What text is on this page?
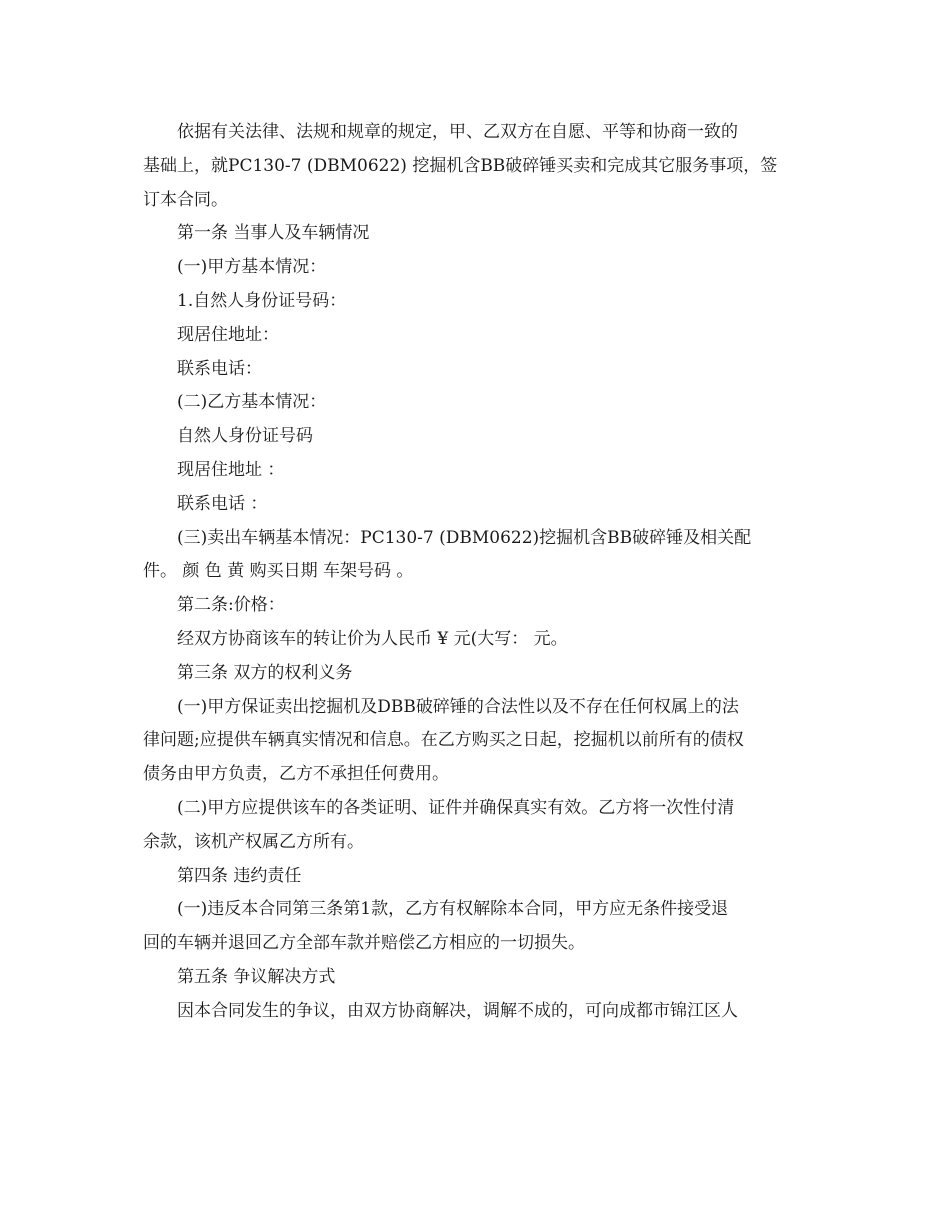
依据有关法律、法规和规章的规定，甲、乙双方在自愿、平等和协商一致的
基础上，就PC130-7 (DBM0622) 挖掘机含BB破碎锤买卖和完成其它服务事项，签
订本合同。

第一条 当事人及车辆情况

(一)甲方基本情况：

1.自然人身份证号码：

现居住地址：

联系电话：

(二)乙方基本情况：

自然人身份证号码

现居住地址 ：

联系电话 ：

(三)卖出车辆基本情况：PC130-7 (DBM0622)挖掘机含BB破碎锤及相关配
件。 颜 色 黄 购买日期 车架号码 。

第二条:价格：

经双方协商该车的转让价为人民币 ¥ 元(大写： 元。

第三条 双方的权利义务

(一)甲方保证卖出挖掘机及DBB破碎锤的合法性以及不存在任何权属上的法
律问题;应提供车辆真实情况和信息。在乙方购买之日起，挖掘机以前所有的债权
债务由甲方负责，乙方不承担任何费用。

(二)甲方应提供该车的各类证明、证件并确保真实有效。乙方将一次性付清
余款，该机产权属乙方所有。

第四条 违约责任

(一)违反本合同第三条第1款，乙方有权解除本合同，甲方应无条件接受退
回的车辆并退回乙方全部车款并赔偿乙方相应的一切损失。

第五条 争议解决方式

因本合同发生的争议，由双方协商解决，调解不成的，可向成都市锦江区人
